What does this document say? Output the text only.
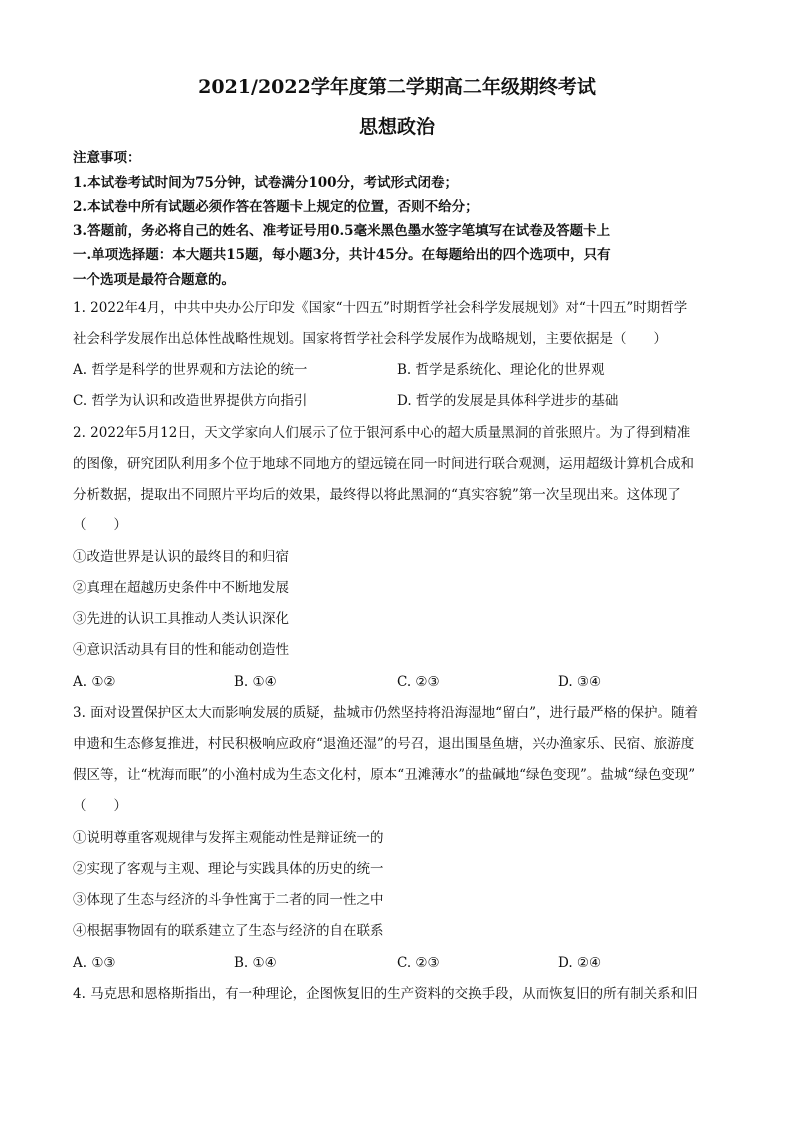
2021/2022学年度第二学期高二年级期终考试
思想政治
注意事项：
1.本试卷考试时间为75分钟，试卷满分100分，考试形式闭卷；
2.本试卷中所有试题必须作答在答题卡上规定的位置，否则不给分；
3.答题前，务必将自己的姓名、准考证号用0.5毫米黑色墨水签字笔填写在试卷及答题卡上
一.单项选择题：本大题共15题，每小题3分，共计45分。在每题给出的四个选项中，只有
一个选项是最符合题意的。
1. 2022年4月，中共中央办公厅印发《国家“十四五”时期哲学社会科学发展规划》对“十四五”时期哲学
社会科学发展作出总体性战略性规划。国家将哲学社会科学发展作为战略规划，主要依据是（　　）
A. 哲学是科学的世界观和方法论的统一	B. 哲学是系统化、理论化的世界观
C. 哲学为认识和改造世界提供方向指引	D. 哲学的发展是具体科学进步的基础
2. 2022年5月12日，天文学家向人们展示了位于银河系中心的超大质量黑洞的首张照片。为了得到精准
的图像，研究团队利用多个位于地球不同地方的望远镜在同一时间进行联合观测，运用超级计算机合成和
分析数据，提取出不同照片平均后的效果，最终得以将此黑洞的“真实容貌”第一次呈现出来。这体现了
（　　）
①改造世界是认识的最终目的和归宿
②真理在超越历史条件中不断地发展
③先进的认识工具推动人类认识深化
④意识活动具有目的性和能动创造性
A. ①②	B. ①④	C. ②③	D. ③④
3. 面对设置保护区太大而影响发展的质疑，盐城市仍然坚持将沿海湿地“留白”，进行最严格的保护。随着
申遗和生态修复推进，村民积极响应政府“退渔还湿”的号召，退出围垦鱼塘，兴办渔家乐、民宿、旅游度
假区等，让“枕海而眠”的小渔村成为生态文化村，原本“丑滩薄水”的盐碱地“绿色变现”。盐城“绿色变现”
（　　）
①说明尊重客观规律与发挥主观能动性是辩证统一的
②实现了客观与主观、理论与实践具体的历史的统一
③体现了生态与经济的斗争性寓于二者的同一性之中
④根据事物固有的联系建立了生态与经济的自在联系
A. ①③	B. ①④	C. ②③	D. ②④
4. 马克思和恩格斯指出，有一种理论，企图恢复旧的生产资料的交换手段，从而恢复旧的所有制关系和旧
